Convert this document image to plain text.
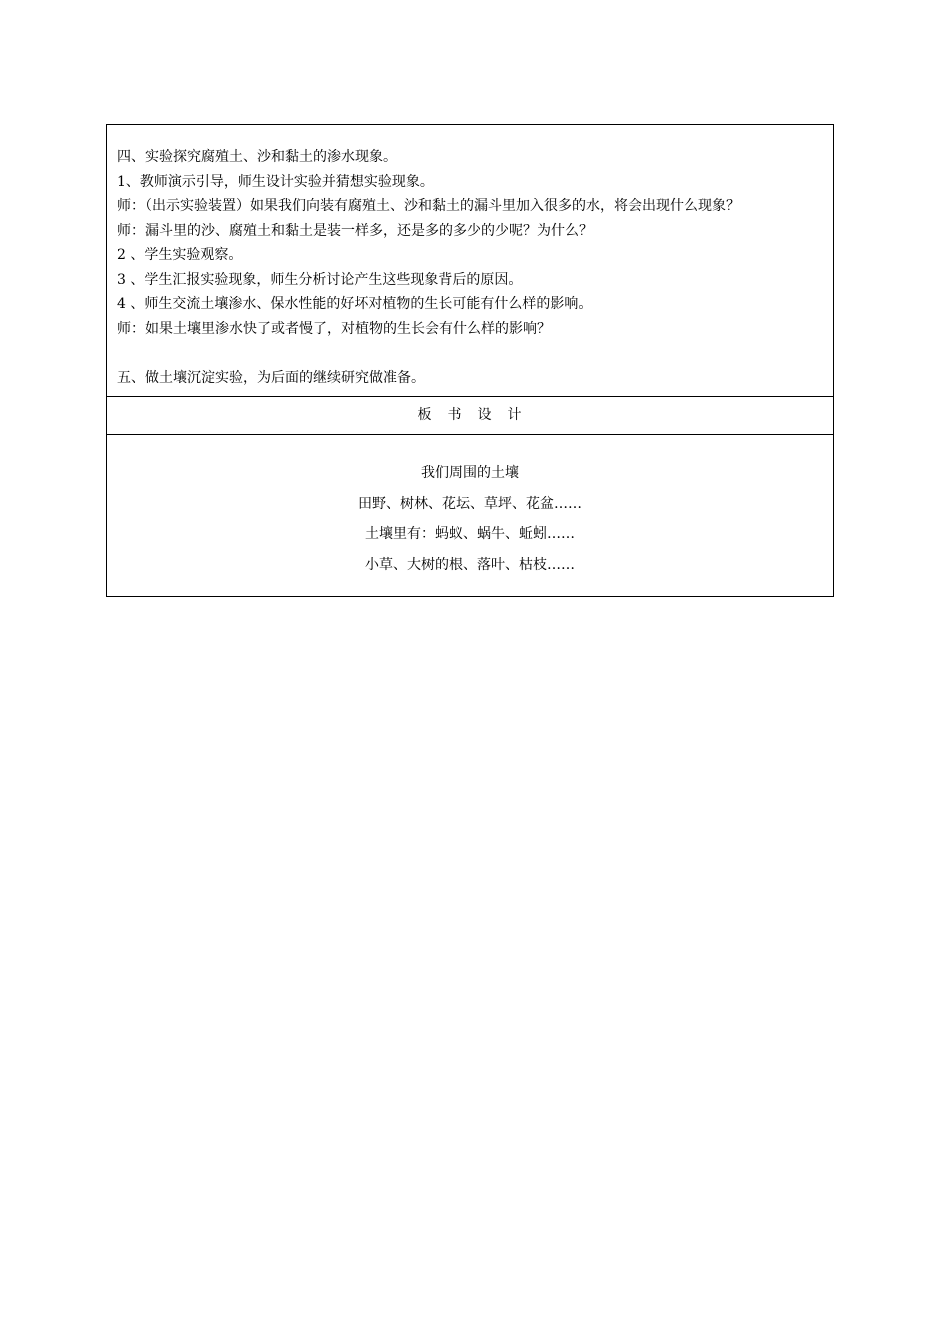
四、实验探究腐殖土、沙和黏土的渗水现象。

1、教师演示引导，师生设计实验并猜想实验现象。

师：（出示实验装置）如果我们向装有腐殖土、沙和黏土的漏斗里加入很多的水，将会出现什么现象？

师：漏斗里的沙、腐殖土和黏土是装一样多，还是多的多少的少呢？为什么？

2 、学生实验观察。

3 、学生汇报实验现象，师生分析讨论产生这些现象背后的原因。

4 、师生交流土壤渗水、保水性能的好坏对植物的生长可能有什么样的影响。

师：如果土壤里渗水快了或者慢了，对植物的生长会有什么样的影响？

五、做土壤沉淀实验，为后面的继续研究做准备。

板　书　设　计

我们周围的土壤

田野、树林、花坛、草坪、花盆……

土壤里有：蚂蚁、蜗牛、蚯蚓……

小草、大树的根、落叶、枯枝……
